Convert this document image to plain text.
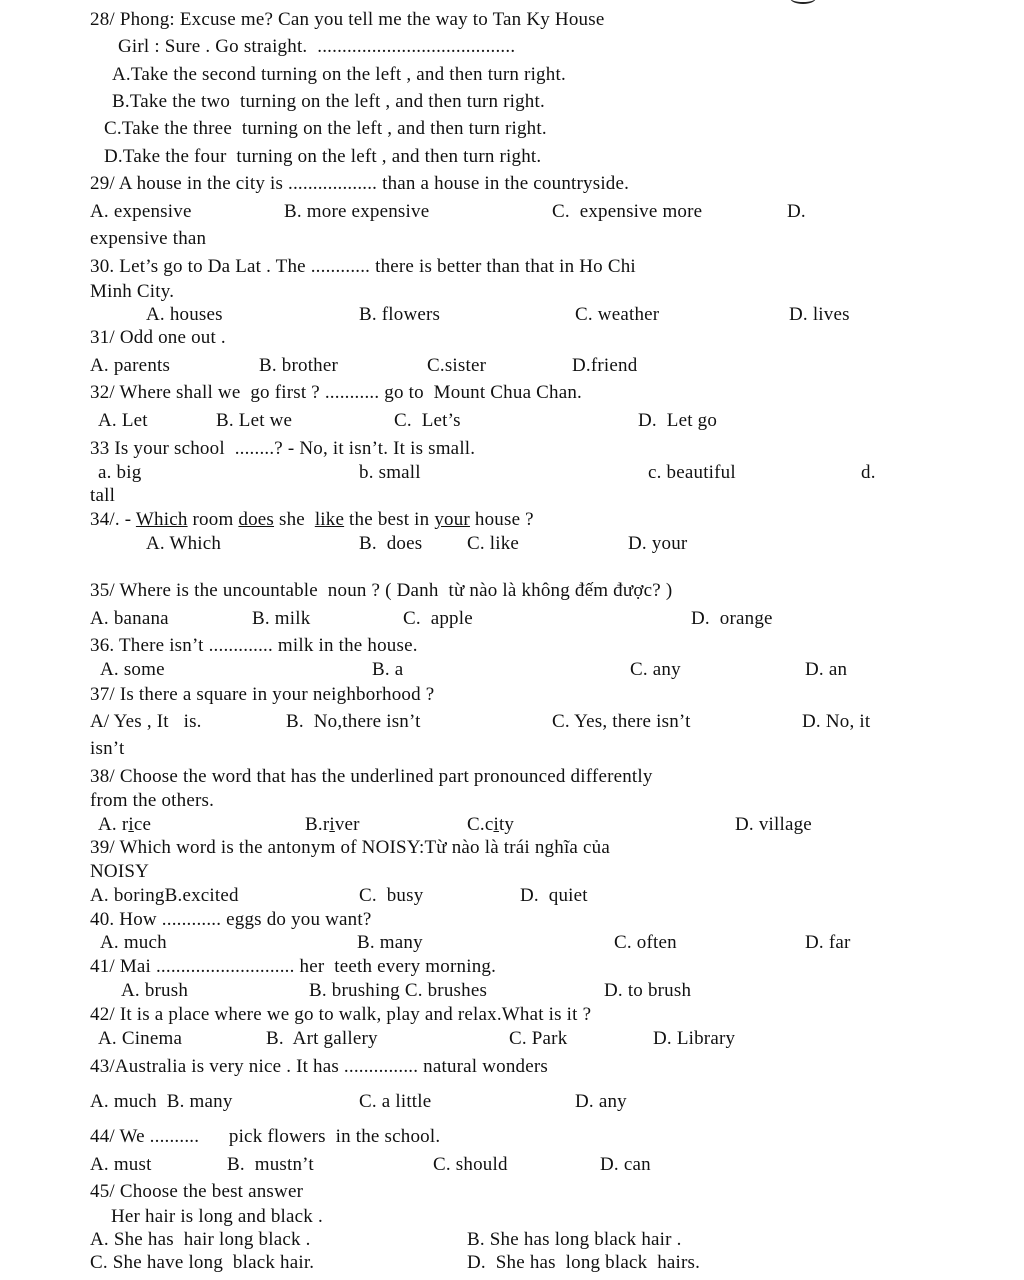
28/ Phong: Excuse me? Can you tell me the way to Tan Ky House
Girl : Sure . Go straight.  ........................................
A.Take the second turning on the left , and then turn right.
B.Take the two  turning on the left , and then turn right.
C.Take the three  turning on the left , and then turn right.
D.Take the four  turning on the left , and then turn right.
29/ A house in the city is .................. than a house in the countryside.
A. expensive	B. more expensive	C.  expensive more	D.
expensive than
30. Let’s go to Da Lat . The ............ there is better than that in Ho Chi
Minh City.
A. houses	B. flowers	C. weather	D. lives
31/ Odd one out .
A. parents	B. brother	C.sister	D.friend
32/ Where shall we  go first ? ........... go to  Mount Chua Chan.
A. Let	B. Let we	C.  Let’s	D.  Let go
33 Is your school  ........? - No, it isn’t. It is small.
a. big	b. small	c. beautiful	d.
tall
34/. - Which room does she  like the best in your house ?
A. Which	B.  does C. like	D. your
35/ Where is the uncountable  noun ? ( Danh  từ nào là không đếm được? )
A. banana	B. milk	C.  apple	D.  orange
36. There isn’t ............. milk in the house.
A. some	B. a	C. any	D. an
37/ Is there a square in your neighborhood ?
A/ Yes , It   is.	B.  No,there isn’t	C. Yes, there isn’t	D. No, it
isn’t
38/ Choose the word that has the underlined part pronounced differently
from the others.
A. rice	B.river	C.city	D. village
39/ Which word is the antonym of NOISY:Từ nào là trái nghĩa của
NOISY
A. boringB.excited	C.  busy	D.  quiet
40. How ............ eggs do you want?
A. much	B. many	C. often	D. far
41/ Mai ............................ her  teeth every morning.
A. brush	B. brushing C. brushes	D. to brush
42/ It is a place where we go to walk, play and relax.What is it ?
A. Cinema	B.  Art gallery	C. Park	D. Library
43/Australia is very nice . It has ............... natural wonders
A. much  B. many	C. a little	D. any
44/ We ..........      pick flowers  in the school.
A. must	B.  mustn’t	C. should	D. can
45/ Choose the best answer
Her hair is long and black .
A. She has  hair long black .	B. She has long black hair .
C. She have long  black hair.	D.  She has  long black  hairs.
